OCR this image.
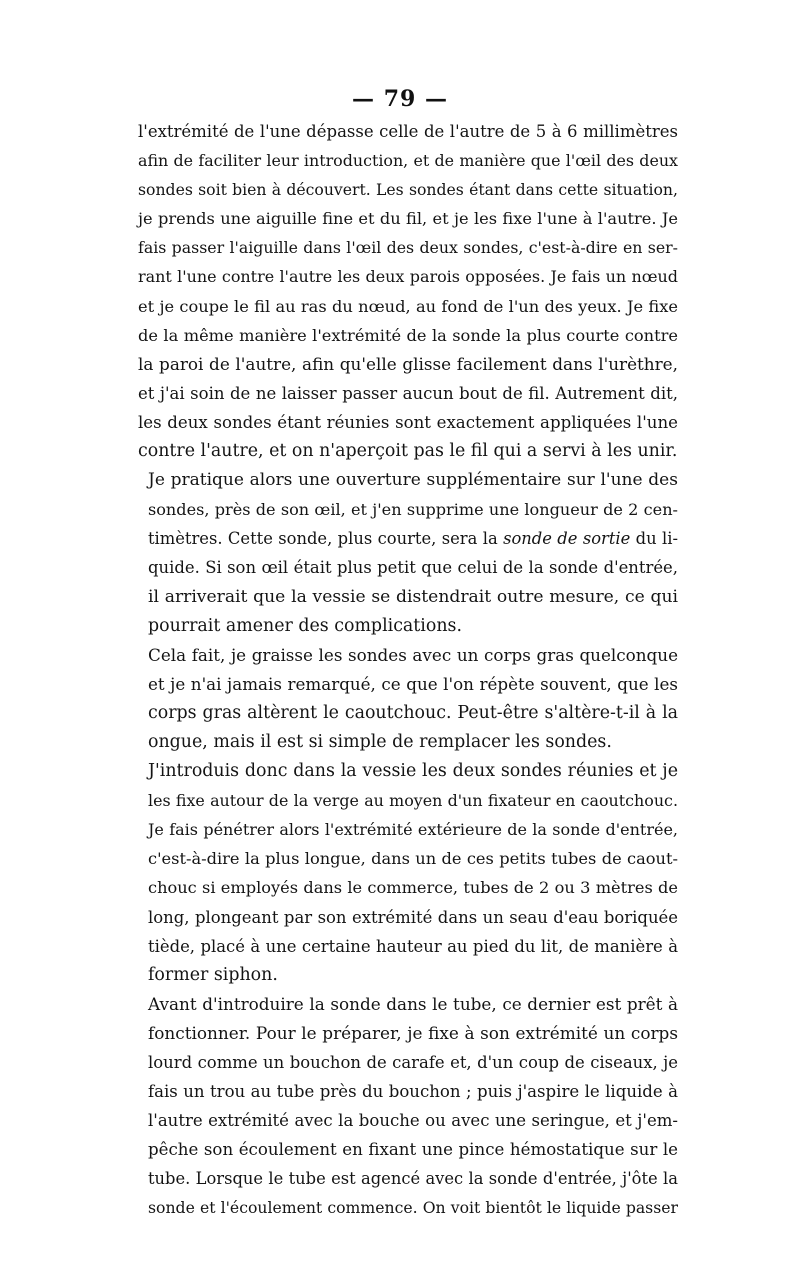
— 79 —
l'extrémité de l'une dépasse celle de l'autre de 5 à 6 millimètres
afin de faciliter leur introduction, et de manière que l'œil des deux
sondes soit bien à découvert. Les sondes étant dans cette situation,
je prends une aiguille fine et du fil, et je les fixe l'une à l'autre. Je
fais passer l'aiguille dans l'œil des deux sondes, c'est-à-dire en ser-
rant l'une contre l'autre les deux parois opposées. Je fais un nœud
et je coupe le fil au ras du nœud, au fond de l'un des yeux. Je fixe
de la même manière l'extrémité de la sonde la plus courte contre
la paroi de l'autre, afin qu'elle glisse facilement dans l'urèthre,
et j'ai soin de ne laisser passer aucun bout de fil. Autrement dit,
les deux sondes étant réunies sont exactement appliquées l'une
contre l'autre, et on n'aperçoit pas le fil qui a servi à les unir.
Je pratique alors une ouverture supplémentaire sur l'une des
sondes, près de son œil, et j'en supprime une longueur de 2 cen-
timètres. Cette sonde, plus courte, sera la sonde de sortie du li-
quide. Si son œil était plus petit que celui de la sonde d'entrée,
il arriverait que la vessie se distendrait outre mesure, ce qui
pourrait amener des complications.
Cela fait, je graisse les sondes avec un corps gras quelconque
et je n'ai jamais remarqué, ce que l'on répète souvent, que les
corps gras altèrent le caoutchouc. Peut-être s'altère-t-il à la
ongue, mais il est si simple de remplacer les sondes.
J'introduis donc dans la vessie les deux sondes réunies et je
les fixe autour de la verge au moyen d'un fixateur en caoutchouc.
Je fais pénétrer alors l'extrémité extérieure de la sonde d'entrée,
c'est-à-dire la plus longue, dans un de ces petits tubes de caout-
chouc si employés dans le commerce, tubes de 2 ou 3 mètres de
long, plongeant par son extrémité dans un seau d'eau boriquée
tiède, placé à une certaine hauteur au pied du lit, de manière à
former siphon.
Avant d'introduire la sonde dans le tube, ce dernier est prêt à
fonctionner. Pour le préparer, je fixe à son extrémité un corps
lourd comme un bouchon de carafe et, d'un coup de ciseaux, je
fais un trou au tube près du bouchon ; puis j'aspire le liquide à
l'autre extrémité avec la bouche ou avec une seringue, et j'em-
pêche son écoulement en fixant une pince hémostatique sur le
tube. Lorsque le tube est agencé avec la sonde d'entrée, j'ôte la
sonde et l'écoulement commence. On voit bientôt le liquide passer
